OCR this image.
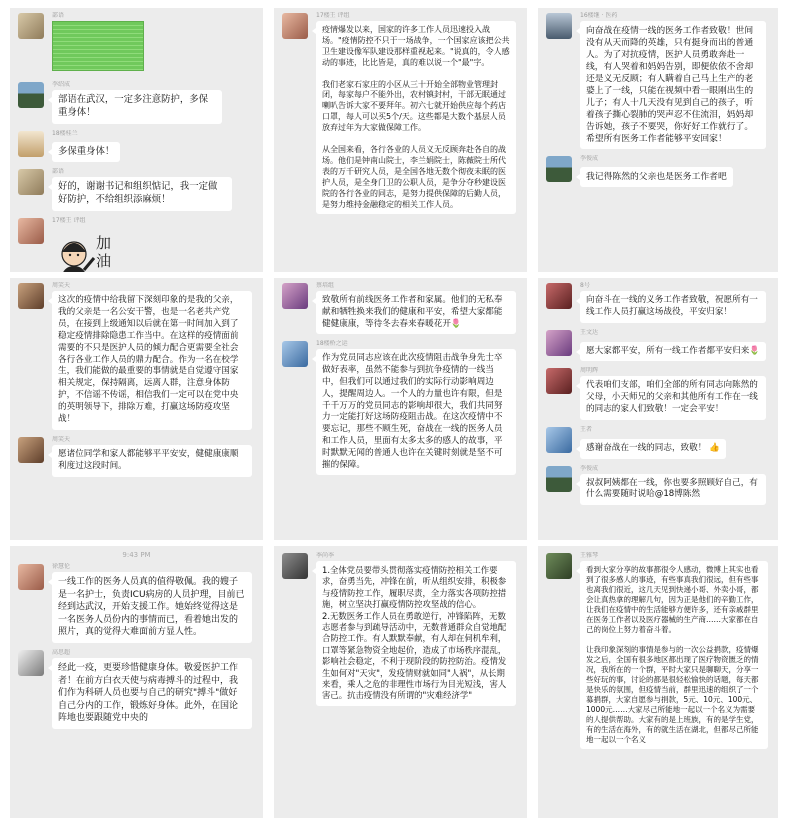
部语
李绍成
部语在武汉，一定多注意防护，多保重身体！
18楼桂兰
多保重身体！
部语
好的，谢谢书记和组织惦记，我一定做好防护，不给组织添麻烦！
17楼王 评组
加油
17楼王 评组
疫情爆发以来，国家的许多工作人员迅速投入战场。"疫情防控不只于一场战争，一个国家应该把公共卫生建设像军队建设那样重视起来。"说真的，令人感动的事迹，比比皆是，真的难以说一个"最"字。

我们老家石家庄的小区从三十开始全部物业管理封闭，每家每户不能外出，农村镇封村，干部无眠通过喇叭告诉大家不要拜年。初六七就开始供应每个药店口罩，每人可以买5个/天。这些都是大数个基层人员放弃过年为大家做保障工作。

从全国来看，各行各业的人员义无反顾奔赴各自的战场。他们是钟南山院士，李兰娟院士，陈薇院士所代表的万千研究人员，是全国各地无数个彻夜未眠的医护人员，是全身门卫的公职人员，是争分夺秒建设医院的各行各业的同志，是努力提供保障的后勤人员，是努力维持金融稳定的相关工作人员。
16楼继 · 医药
向奋战在疫情一线的医务工作者致敬！世间没有从天而降的英雄，只有挺身而出的普通人。为了对抗疫情，医护人员勇敢奔赴一线，有人哭着和妈妈告别，即便依依不舍却还是义无反顾；有人瞒着自己马上生产的老婆上了一线，只能在视频中看一眼刚出生的儿子；有人十几天没有见到自己的孩子，听着孩子撕心裂肺的哭声忍不住流泪，妈妈却告诉她，孩子不要哭，你好好工作就行了。
希望所有医务工作者能够平安回家！
李俊成
我记得陈然的父亲也是医务工作者吧
周笑天
这次的疫情中给我留下深刻印象的是我的父亲，我的父亲是一名公安干警，也是一名老共产党员，在接到上级通知以后就在第一时间加入到了稳定疫情排除隐患工作当中。在这样的疫情面前需要的不只是医护人员的倾力配合更需要全社会各行各业工作人员的鼎力配合。作为一名在校学生，我们能做的最重要的事情就是自觉遵守国家相关规定，保持隔离，远离人群，注意身体防护，不信谣不传谣，相信我们一定可以在党中央的英明领导下，排除万难，打赢这场防疫攻坚战！
周笑天
愿诸位同学和家人都能够平平安安，健健康康顺利度过这段时间。
蔡培组
致敬所有前线医务工作者和家属。他们的无私奉献和牺牲换来我们的健康和平安，希望大家都能健健康康，等待冬去春来春暖花开🌷
18楼桥之运
作为党员同志应该在此次疫情阻击战争身先士卒做好表率，虽然不能参与到抗争疫情的一线当中，但我们可以通过我们的实际行动影响周边人，提醒周边人。一个人的力量也许有限，但是千千万万的党员同志的影响却很大，我们共同努力一定能打好这场防疫阻击战。在这次疫情中不要忘记，那些不顾生死，奋战在一线的医务人员和工作人员，里面有太多太多的感人的故事，平时默默无闻的普通人也许在关键时刻就是坚不可摧的保障。
8号
向奋斗在一线的义务工作者致敬，祝愿所有一线工作人员打赢这场战役，平安归家！
王文达
愿大家都平安，所有一线工作者都平安归来🌷
周明辉
代表咱们支部，咱们全部的所有同志向陈然的父母，小天师兄的父亲和其他所有工作在一线的同志的家人们致敬！一定会平安！
王者
感谢奋战在一线的同志，致敬！ 👍
李俊成
叔叔阿姨都在一线，你也要多照顾好自己，有什么需要随时说哈@18博陈然
9:43 PM
徐慧伦
一线工作的医务人员真的值得敬佩。我的嫂子是一名护士，负责ICU病房的人员护理，目前已经到达武汉，开始支援工作。她始终觉得这是一名医务人员份内的事情而已，看着她出发的照片，真的觉得大难面前方显人性。
高思超
经此一疫，更要珍惜健康身体。敬爱医护工作者！在前方白衣天使与病毒搏斗的过程中，我们作为科研人员也要与自己的研究"搏斗"做好自己分内的工作，锻炼好身体。此外，在国论阵地也要跟随党中央的
季尚季
1.全体党员要带头贯彻落实疫情防控相关工作要求，奋勇当先，冲锋在前，听从组织安排，积极参与疫情防控工作，履职尽责，全力落实各项防控措施，树立坚决打赢疫情防控攻坚战的信心。
2.无数医务工作人员在勇敢逆行，冲锋陷阵，无数志愿者参与到疏导活动中，无数普通群众自觉地配合防控工作。有人默默奉献，有人却在伺机牟利，口罩等紧急物资全地起价，造成了市场秩序混乱，影响社会稳定，不利于现阶段的防控防治。疫情发生如何对"天灾"，发疫情财就如同"人祸"，从长期来看，乘人之危的非理性市场行为目光短浅，害人害己。抗击疫情没有所谓的"灾难经济学"
王雅琴
看到大家分享的故事都很令人感动，微博上其实也看到了很多感人的事迹，有些事真我们很远，但有些事也离我们很近，这几天见到快递小哥、外卖小哥，都会让真热拿的理解几句，因为正是他们的辛勤工作，让我们在疫情中的生活能够方便许多，还有亲戚群里在医务工作者以及医疗器械的生产商……大家都在自己的岗位上努力着奋斗着。

让我印象深刻的事情是参与的一次公益捐款，疫情爆发之后，全国有很多地区都出现了医疗物资匮乏的情况，我所在的一个群，平时大家只是聊聊天，分享一些好玩的事，讨论的都是很轻松愉快的话题，每天都是快乐的氛围，但疫情当前，群里迅速的组织了一个募捐群，大家自愿参与捐款，5元、10元、100元、1000元……大家尽己所能地一起以一个名义为需要的人提供帮助。大家有的是上班族，有的是学生党，有的生活在海外，有的就生活在湖北，但都尽己所能地一起以一个名义
